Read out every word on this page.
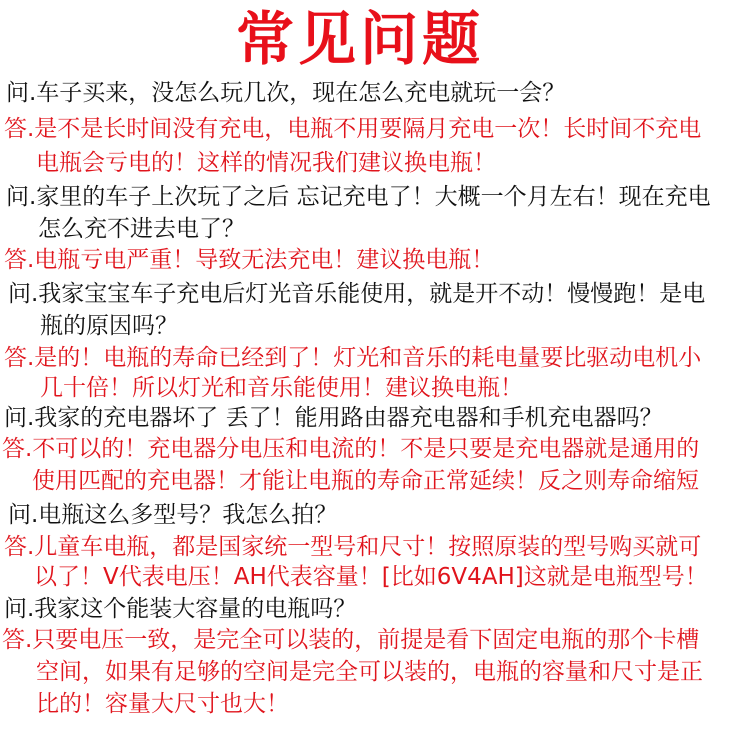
常见问题
问.车子买来，没怎么玩几次，现在怎么充电就玩一会？
答.是不是长时间没有充电，电瓶不用要隔月充电一次！长时间不充电
电瓶会亏电的！这样的情况我们建议换电瓶！
问.家里的车子上次玩了之后 忘记充电了！大概一个月左右！现在充电
怎么充不进去电了？
答.电瓶亏电严重！导致无法充电！建议换电瓶！
问.我家宝宝车子充电后灯光音乐能使用，就是开不动！慢慢跑！是电
瓶的原因吗？
答.是的！电瓶的寿命已经到了！灯光和音乐的耗电量要比驱动电机小
几十倍！所以灯光和音乐能使用！建议换电瓶！
问.我家的充电器坏了 丢了！能用路由器充电器和手机充电器吗？
答.不可以的！充电器分电压和电流的！不是只要是充电器就是通用的
使用匹配的充电器！才能让电瓶的寿命正常延续！反之则寿命缩短
问.电瓶这么多型号？我怎么拍？
答.儿童车电瓶，都是国家统一型号和尺寸！按照原装的型号购买就可
以了！V代表电压！AH代表容量！[比如6V4AH]这就是电瓶型号！
问.我家这个能装大容量的电瓶吗？
答.只要电压一致，是完全可以装的，前提是看下固定电瓶的那个卡槽
空间，如果有足够的空间是完全可以装的，电瓶的容量和尺寸是正
比的！容量大尺寸也大！
